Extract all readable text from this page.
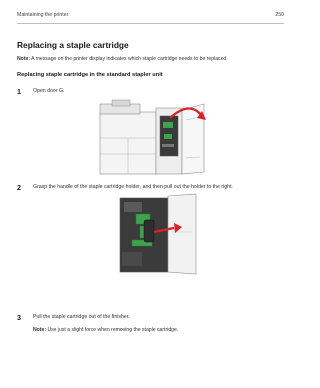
Maintaining the printer	250
Replacing a staple cartridge
Note: A message on the printer display indicates which staple cartridge needs to be replaced.
Replacing staple cartridge in the standard stapler unit
1 Open door G.
2 Grasp the handle of the staple cartridge holder, and then pull out the holder to the right.
3 Pull the staple cartridge out of the finisher.
Note: Use just a slight force when removing the staple cartridge.
